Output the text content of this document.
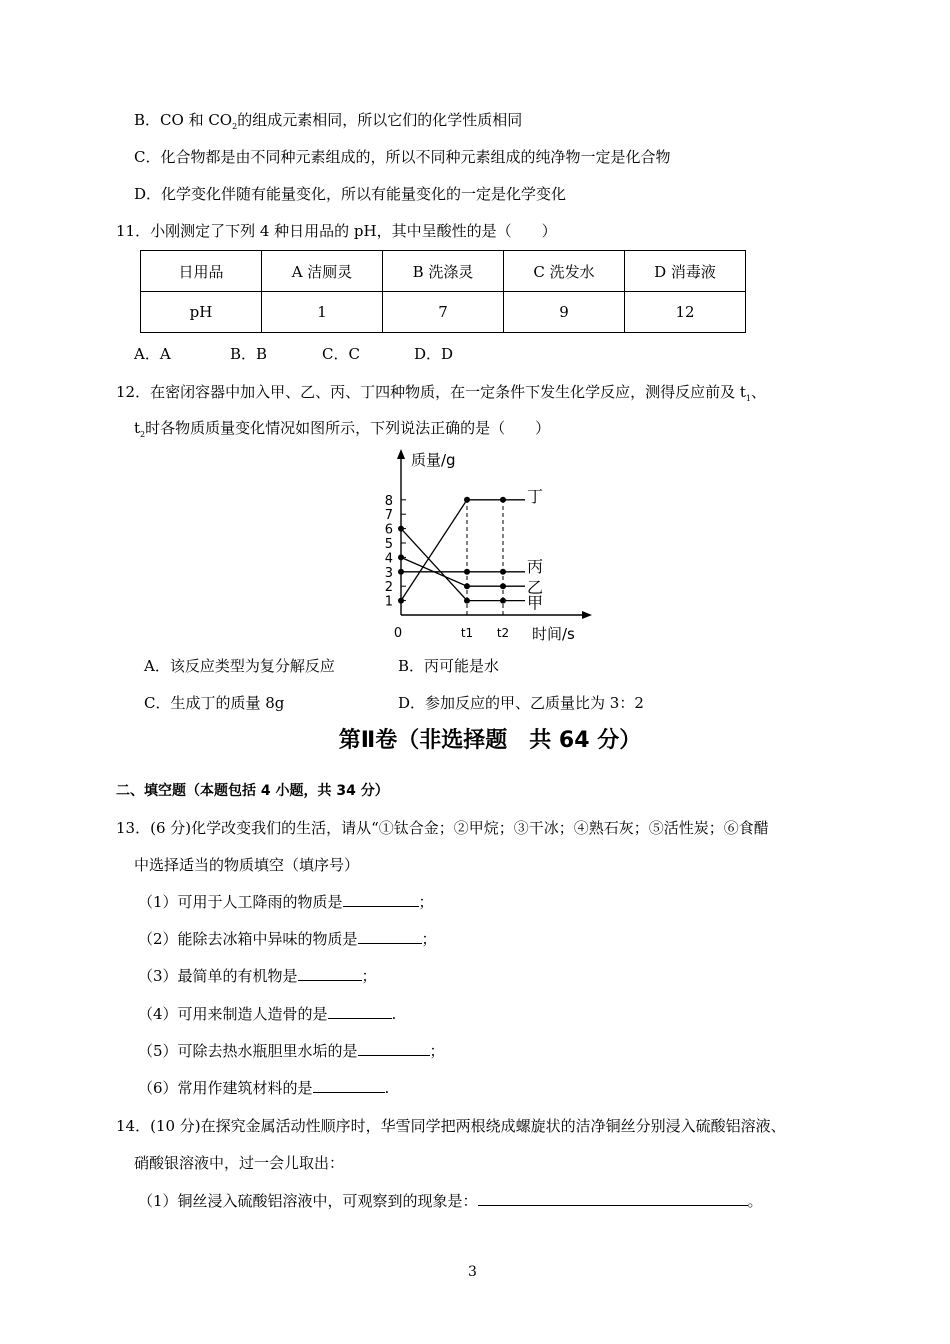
B．CO 和 $CO_2$的组成元素相同，所以它们的化学性质相同
C．化合物都是由不同种元素组成的，所以不同种元素组成的纯净物一定是化合物
D．化学变化伴随有能量变化，所以有能量变化的一定是化学变化
11．小刚测定了下列 4 种日用品的 pH，其中呈酸性的是（　　）
日用品	A 洁厕灵	B 洗涤灵	C 洗发水	D 消毒液
pH	1	7	9	12
A．A	B．B	C．C	D．D
12．在密闭容器中加入甲、乙、丙、丁四种物质，在一定条件下发生化学反应，测得反应前及 $t_1$、
$t_2$时各物质质量变化情况如图所示，下列说法正确的是（　　）
1
2
3
4
5
6
7
8
0	t1 t2
质量/g
时间/s
丁
丙
乙
甲
A．该反应类型为复分解反应	B．丙可能是水
C．生成丁的质量 8g	D．参加反应的甲、乙质量比为 3：2
第Ⅱ卷（非选择题　共 64 分）
二、填空题（本题包括 4 小题，共 34 分）
13．(6 分)化学改变我们的生活，请从“①钛合金；②甲烷；③干冰；④熟石灰；⑤活性炭；⑥食醋
中选择适当的物质填空（填序号）
（1）可用于人工降雨的物质是	；
（2）能除去冰箱中异味的物质是	；
（3）最简单的有机物是	；
（4）可用来制造人造骨的是	.
（5）可除去热水瓶胆里水垢的是	；
（6）常用作建筑材料的是	.
14．(10 分)在探究金属活动性顺序时，华雪同学把两根绕成螺旋状的洁净铜丝分别浸入硫酸铝溶液、
硝酸银溶液中，过一会儿取出：
（1）铜丝浸入硫酸铝溶液中，可观察到的现象是：	。
3
